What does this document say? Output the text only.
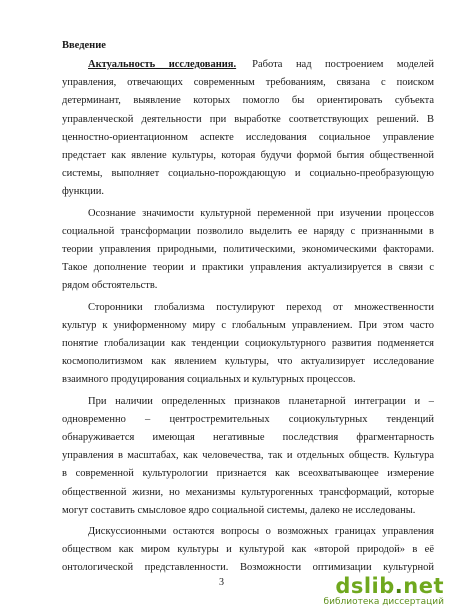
Введение
3	dslib.net
библиотека диссертаций
Актуальность исследования. Работа над построением моделей
управления, отвечающих современным требованиям, связана с поиском
детерминант, выявление которых помогло бы ориентировать субъекта
управленческой деятельности при выработке соответствующих решений. В
ценностно-ориентационном аспекте исследования социальное управление
предстает как явление культуры, которая будучи формой бытия общественной
системы, выполняет социально-порождающую и социально-преобразующую
функции.
Осознание значимости культурной переменной при изучении процессов
социальной трансформации позволило выделить ее наряду с признанными в
теории управления природными, политическими, экономическими факторами.
Такое дополнение теории и практики управления актуализируется в связи с
рядом обстоятельств.
Сторонники глобализма постулируют переход от множественности
культур к униформенному миру с глобальным управлением. При этом часто
понятие глобализации как тенденции социокультурного развития подменяется
космополитизмом как явлением культуры, что актуализирует исследование
взаимного продуцирования социальных и культурных процессов.
При наличии определенных признаков планетарной интеграции и –
одновременно – центростремительных социокультурных тенденций
обнаруживается имеющая негативные последствия фрагментарность
управления в масштабах, как человечества, так и отдельных обществ. Культура
в современной культурологии признается как всеохватывающее измерение
общественной жизни, но механизмы культурогенных трансформаций, которые
могут составить смысловое ядро социальной системы, далеко не исследованы.
Дискуссионными остаются вопросы о возможных границах управления
обществом как миром культуры и культурой как «второй природой» в её
онтологической представленности. Возможности оптимизации культурной
